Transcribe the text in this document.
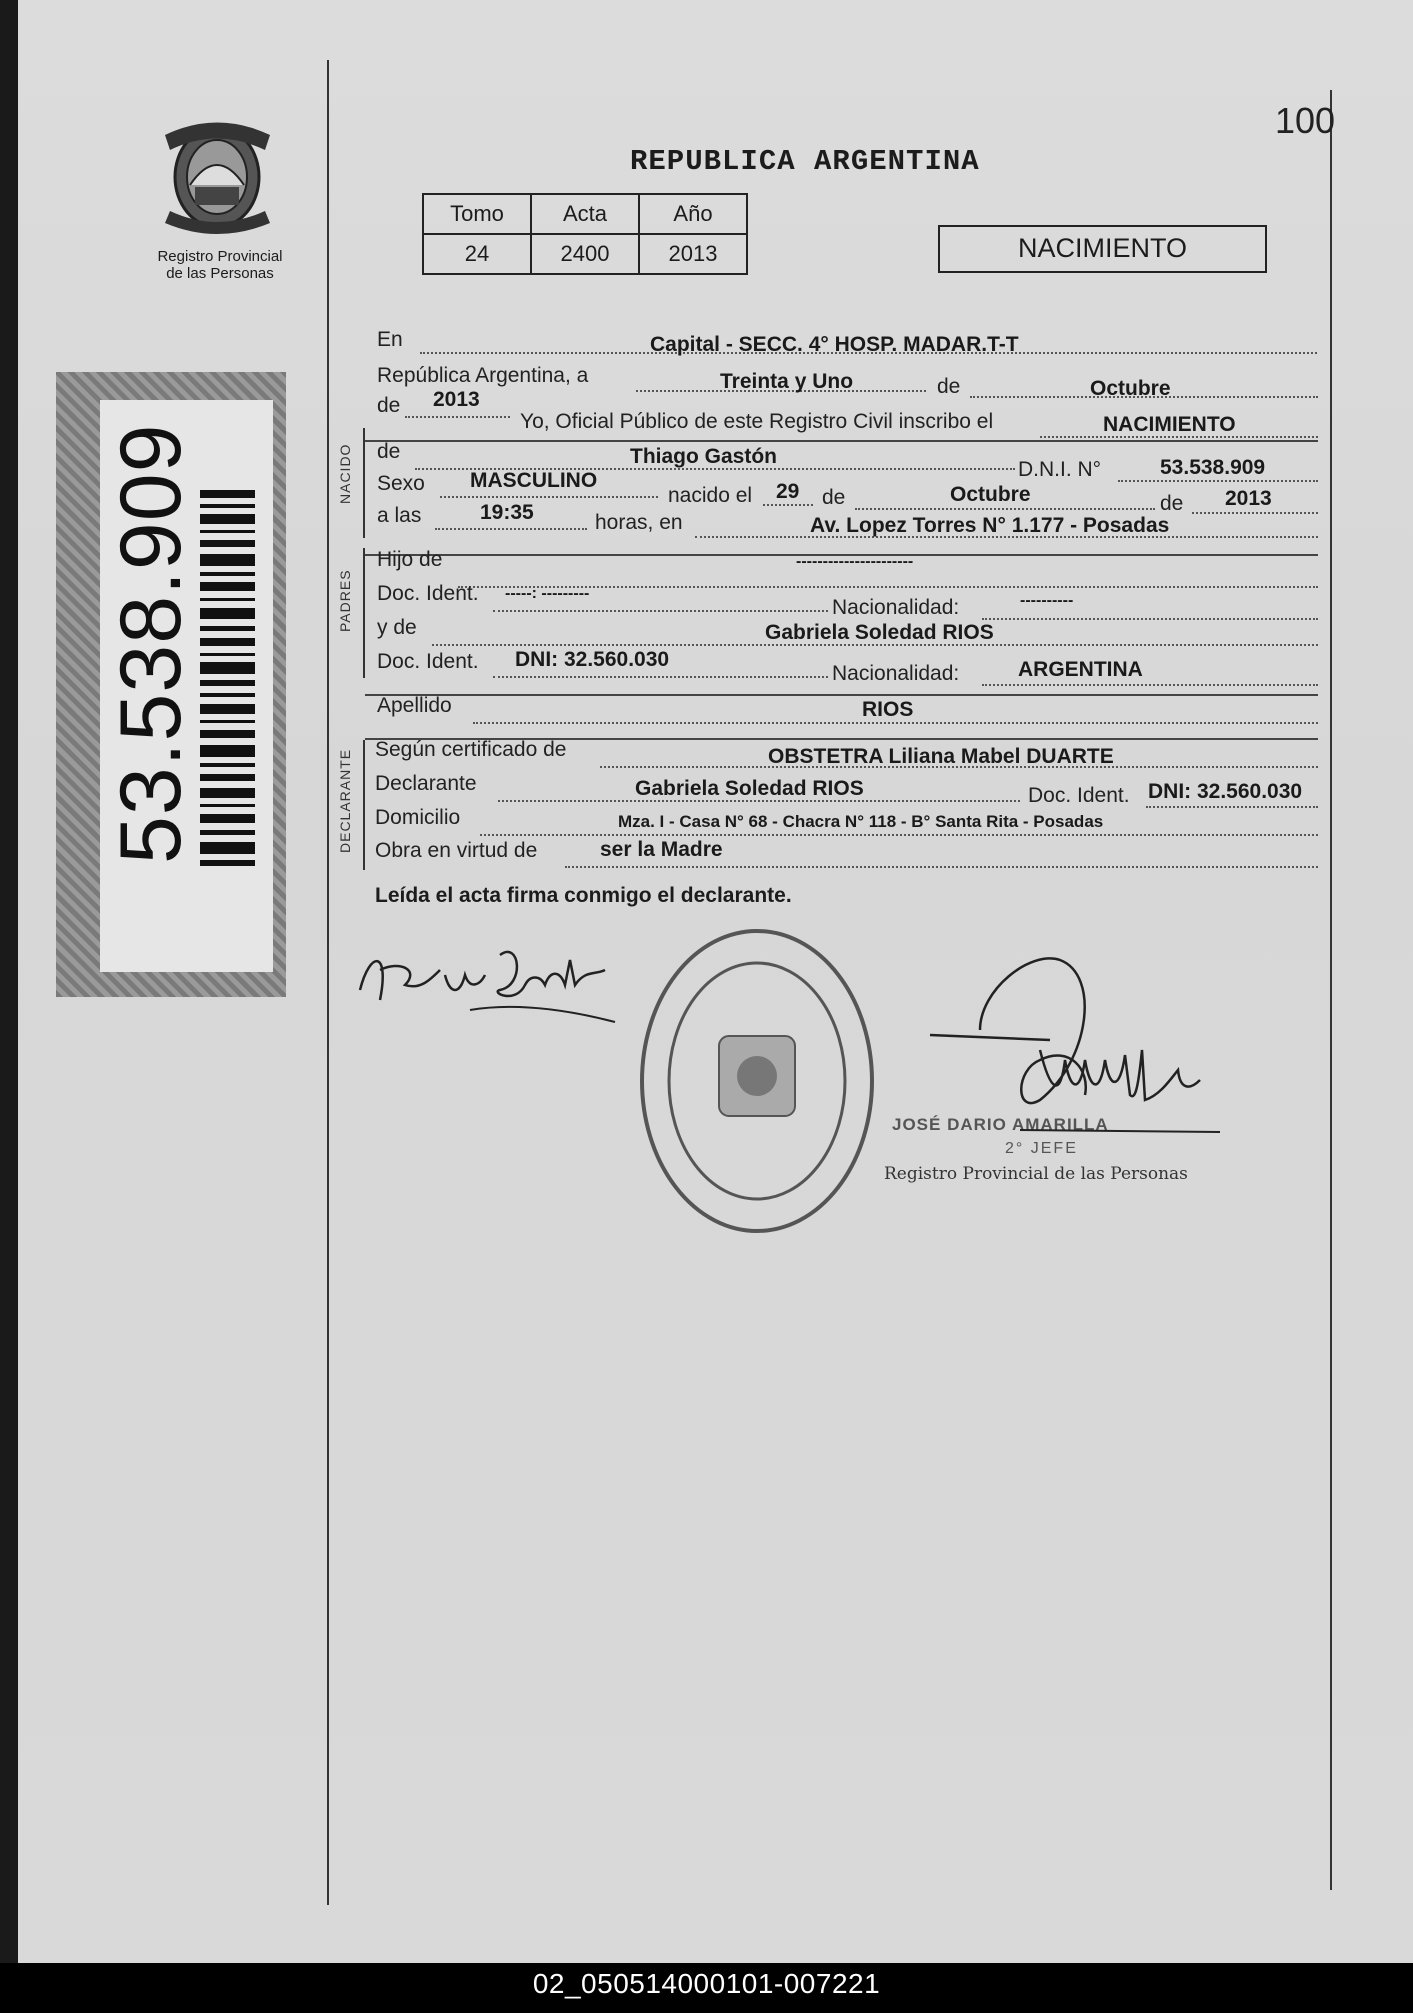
100
Registro Provincial
de las Personas
53.538.909
REPUBLICA ARGENTINA
NACIMIENTO
Tomo	Acta	Año
24	2400	2013
NACIDO
PADRES
DECLARANTE
En	Capital - SECC. 4° HOSP. MADAR.T-T
República Argentina, a	Treinta y Uno	de	Octubre
de 2013
Yo, Oficial Público de este Registro Civil inscribo el	NACIMIENTO
de	Thiago Gastón
D.N.I. N°	53.538.909
Sexo MASCULINO
nacido el 29 de	Octubre	de 2013
a las	19:35	horas, en	Av. Lopez Torres N° 1.177 - Posadas
Hijo de	----------------------
Doc. Ident. -----: ---------
Nacionalidad:	----------
y de	Gabriela Soledad RIOS
Doc. Ident. DNI: 32.560.030
Nacionalidad:	ARGENTINA
Apellido	RIOS
Según certificado de	OBSTETRA Liliana Mabel DUARTE
Declarante	Gabriela Soledad RIOS	Doc. Ident. DNI: 32.560.030
Domicilio	Mza. I - Casa N° 68 - Chacra N° 118 - B° Santa Rita - Posadas
Obra en virtud de	ser la Madre
Leída el acta firma conmigo el declarante.
JOSÉ DARIO AMARILLA
2° JEFE
Registro Provincial de las Personas
02_050514000101-007221
